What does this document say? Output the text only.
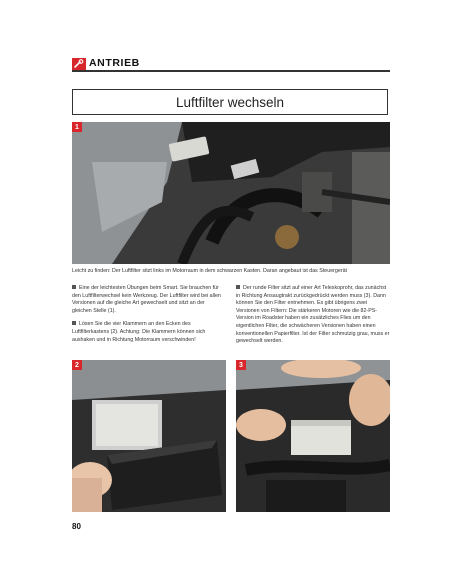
ANTRIEB
Luftfilter wechseln
1
Leicht zu finden: Der Luftfilter sitzt links im Motorraum in dem schwarzen Kasten. Daran angebaut ist das Steuergerät

Eine der leichtesten Übungen beim Smart. Sie brauchen für den Luftfilterwechsel kein Werkzeug. Der Luftfilter wird bei allen Versionen auf die gleiche Art gewechselt und sitzt an der gleichen Stelle (1).

Lösen Sie die vier Klammern an den Ecken des Luftfilterkastens (2). Achtung: Die Klammern können sich aushaken und in Richtung Motorraum verschwinden!

Der runde Filter sitzt auf einer Art Teleskoprohr, das zunächst in Richtung Ansaugtrakt zurückgedrückt werden muss (3). Dann können Sie den Filter entnehmen. Es gibt übrigens zwei Versionen von Filtern: Die stärkeren Motoren wie die 82-PS-Version im Roadster haben ein zusätzliches Flies um den eigentlichen Filter, die schwächeren Versionen haben einen konventionellen Papierfilter. Ist der Filter schmutzig grau, muss er gewechselt werden.

2	3
80
